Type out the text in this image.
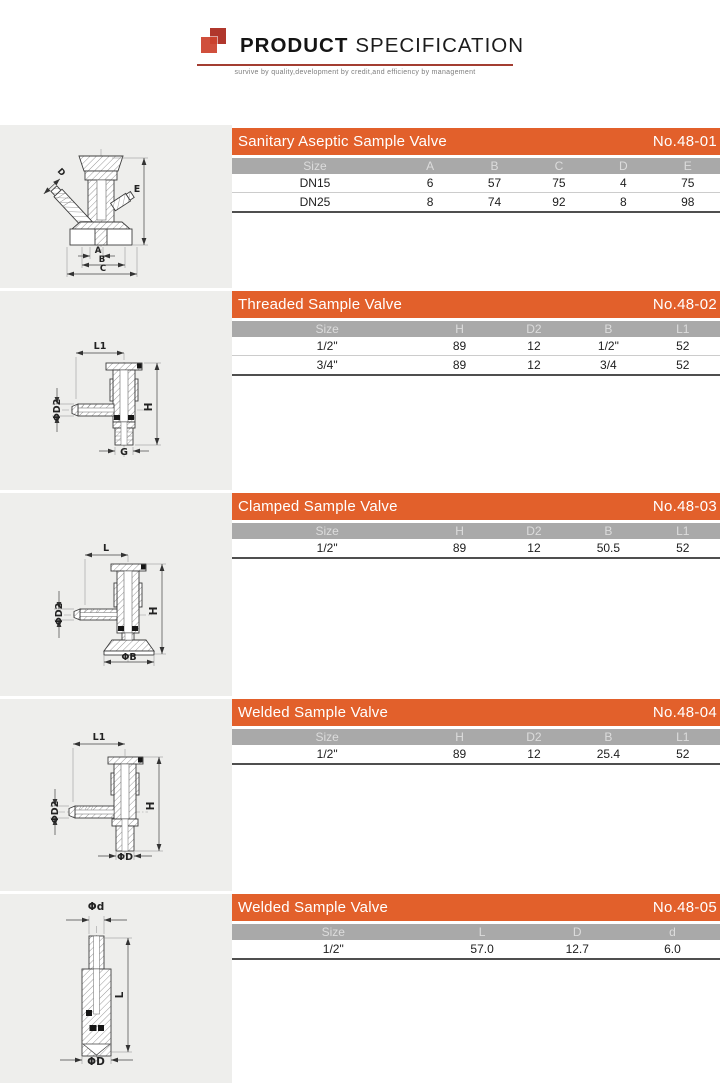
PRODUCT SPECIFICATION
survive by quality,development by credit,and efficiency by management
D
E
A
B
C
Sanitary Aseptic Sample Valve	No.48-01
Size	A	B	C	D	E
DN15	6	57	75	4	75
DN25	8	74	92	8	98
L1
G
H
ΦD2
Threaded Sample Valve	No.48-02
Size	H	D2	B	L1
1/2"	89	12	1/2"	52
3/4"	89	12	3/4	52
L
ΦB
H
ΦD2
Clamped Sample Valve	No.48-03
Size	H	D2	B	L1
1/2"	89	12	50.5	52
L1
ΦD
H
ΦD2
Welded Sample Valve	No.48-04
Size	H	D2	B	L1
1/2"	89	12	25.4	52
Φd
L
ΦD
Welded Sample Valve	No.48-05
Size	L	D	d
1/2"	57.0	12.7	6.0
